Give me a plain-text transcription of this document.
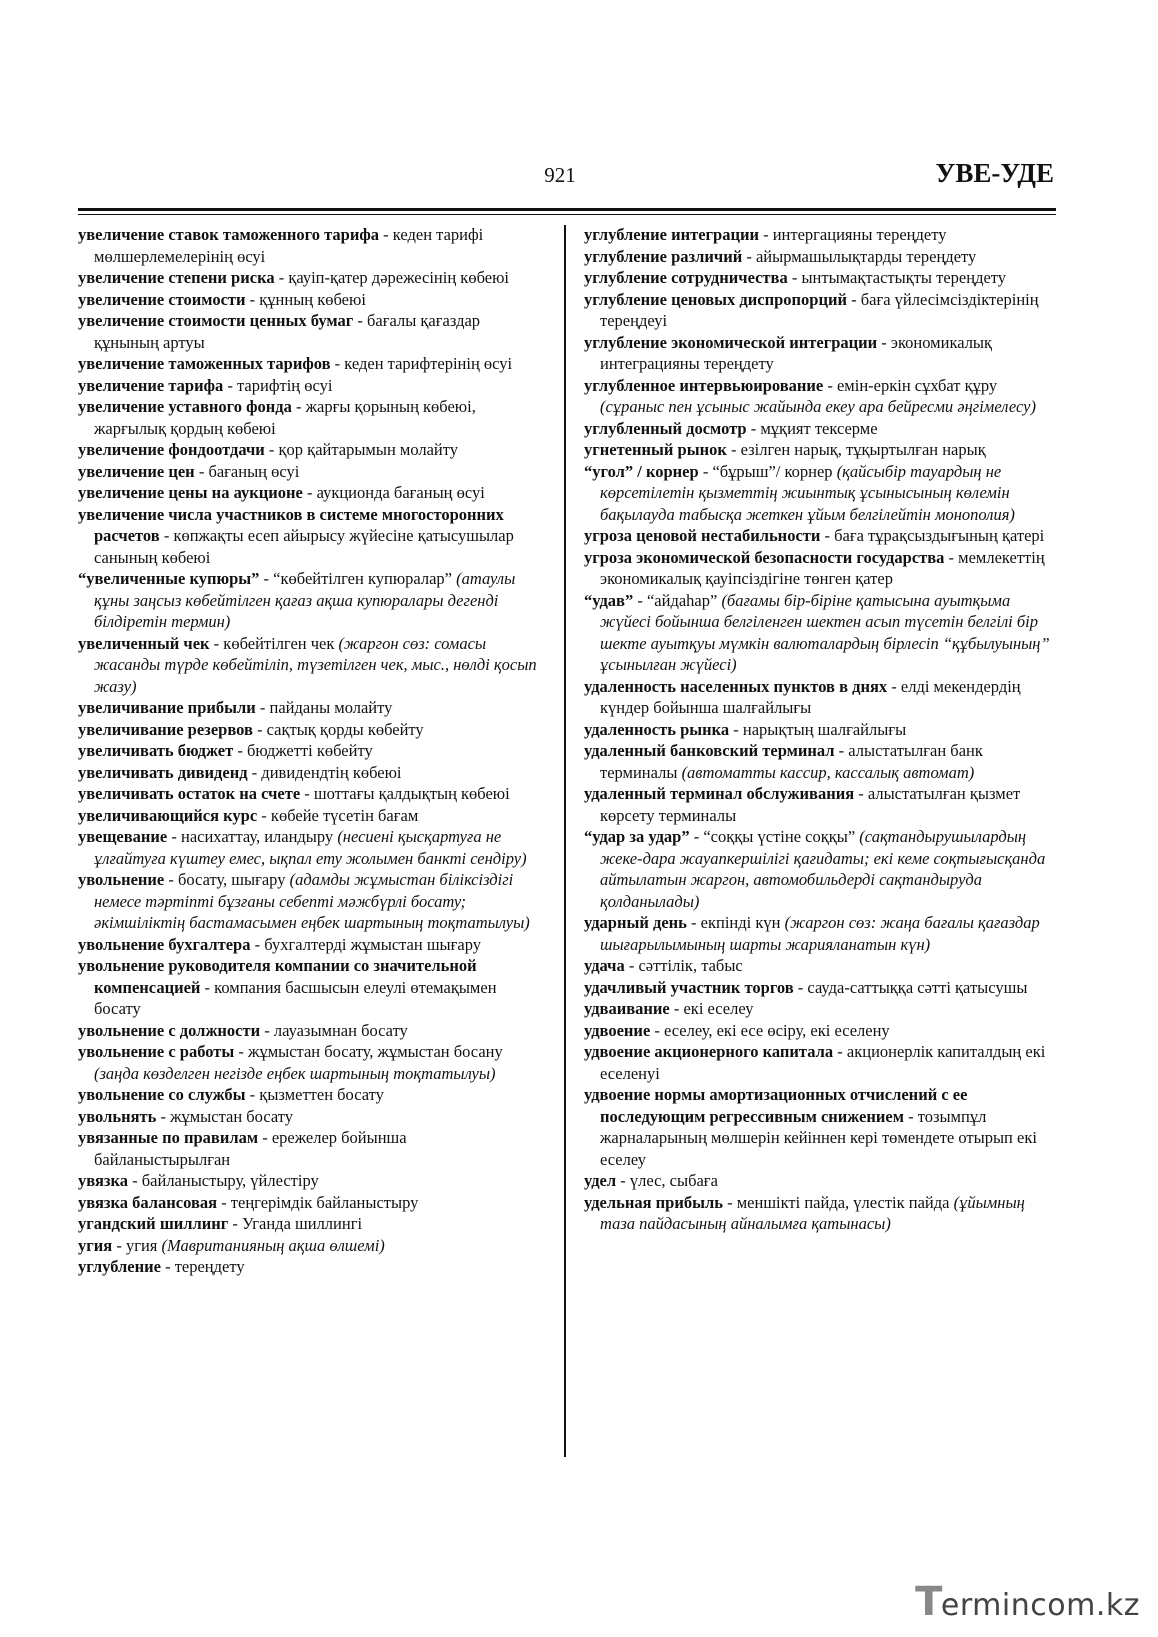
921	УВЕ-УДЕ

увеличение ставок таможенного тарифа - кеден тарифі мөлшерлемелерінің өсуі

увеличение степени риска - қауіп-қатер дәрежесінің көбеюі

увеличение стоимости - құнның көбеюі

увеличение стоимости ценных бумаг - бағалы қағаздар құнының артуы

увеличение таможенных тарифов - кеден тарифтерінің өсуі

увеличение тарифа - тарифтің өсуі

увеличение уставного фонда - жарғы қорының көбеюі, жарғылық қордың көбеюі

увеличение фондоотдачи - қор қайтарымын молайту

увеличение цен - бағаның өсуі

увеличение цены на аукционе - аукционда бағаның өсуі

увеличение числа участников в системе многосторонних расчетов - көпжақты есеп айырысу жүйесіне қатысушылар санының көбеюі

“увеличенные купюры” - “көбейтілген купюралар” (атаулы құны заңсыз көбейтілген қағаз ақша купюралары дегенді білдіретін термин)

увеличенный чек - көбейтілген чек (жаргон сөз: сомасы жасанды түрде көбейтіліп, түзетілген чек, мыс., нөлді қосып жазу)

увеличивание прибыли - пайданы молайту

увеличивание резервов - сақтық қорды көбейту

увеличивать бюджет - бюджетті көбейту

увеличивать дивиденд - дивидендтің көбеюі

увеличивать остаток на счете - шоттағы қалдықтың көбеюі

увеличивающийся курс - көбейе түсетін бағам

увещевание - насихаттау, иландыру (несиені қысқартуға не ұлғайтуға күштеу емес, ықпал ету жолымен банкті сендіру)

увольнение - босату, шығару (адамды жұмыстан біліксіздігі немесе тәртіпті бұзғаны себепті мәжбүрлі босату; әкімшіліктің бастамасымен еңбек шартының тоқтатылуы)

увольнение бухгалтера - бухгалтерді жұмыстан шығару

увольнение руководителя компании со значительной компенсацией - компания басшысын елеулі өтемақымен босату

увольнение с должности - лауазымнан босату

увольнение с работы - жұмыстан босату, жұмыстан босану (заңда көзделген негізде еңбек шартының тоқтатылуы)

увольнение со службы - қызметтен босату

увольнять - жұмыстан босату

увязанные по правилам - ережелер бойынша байланыстырылған

увязка - байланыстыру, үйлестіру

увязка балансовая - теңгерімдік байланыстыру

угандский шиллинг - Уганда шиллингі

угия - угия (Мавританияның ақша өлшемі)

углубление - тереңдету

углубление интеграции - интергацияны тереңдету

углубление различий - айырмашылықтарды тереңдету

углубление сотрудничества - ынтымақтастықты тереңдету

углубление ценовых диспропорций - баға үйлесімсіздіктерінің тереңдеуі

углубление экономической интеграции - экономикалық интеграцияны тереңдету

углубленное интервьюирование - емін-еркін сұхбат құру (сұраныс пен ұсыныс жайында екеу ара бейресми әңгімелесу)

углубленный досмотр - мұқият тексерме

угнетенный рынок - езілген нарық, тұқыртылған нарық

“угол” / корнер - “бұрыш”/ корнер (қайсыбір тауардың не көрсетілетін қызметтің жиынтық ұсынысының көлемін бақылауда табысқа жеткен ұйым белгілейтін монополия)

угроза ценовой нестабильности - баға тұрақсыздығының қатері

угроза экономической безопасности государства - мемлекеттің экономикалық қауіпсіздігіне төнген қатер

“удав” - “айдаһар” (бағамы бір-біріне қатысына ауытқыма жүйесі бойынша белгіленген шектен асып түсетін белгілі бір шекте ауытқуы мүмкін валюталардың бірлесіп “құбылуының” ұсынылған жүйесі)

удаленность населенных пунктов в днях - елді мекендердің күндер бойынша шалғайлығы

удаленность рынка - нарықтың шалғайлығы

удаленный банковский терминал - алыстатылған банк терминалы (автоматты кассир, кассалық автомат)

удаленный терминал обслуживания - алыстатылған қызмет көрсету терминалы

“удар за удар” - “соққы үстіне соққы” (сақтандырушылардың жеке-дара жауапкершілігі қағидаты; екі кеме соқтығысқанда айтылатын жаргон, автомобильдерді сақтандыруда қолданылады)

ударный день - екпінді күн (жаргон сөз: жаңа бағалы қағаздар шығарылымының шарты жарияланатын күн)

удача - сәттілік, табыс

удачливый участник торгов - сауда-саттыққа сәтті қатысушы

удваивание - екі еселеу

удвоение - еселеу, екі есе өсіру, екі еселену

удвоение акционерного капитала - акционерлік капиталдың екі еселенуі

удвоение нормы амортизационных отчислений с ее последующим регрессивным снижением - тозымпұл жарналарының мөлшерін кейіннен кері төмендете отырып екі еселеу

удел - үлес, сыбаға

удельная прибыль - меншікті пайда, үлестік пайда (ұйымның таза пайдасының айналымға қатынасы)

Termincom.kz
